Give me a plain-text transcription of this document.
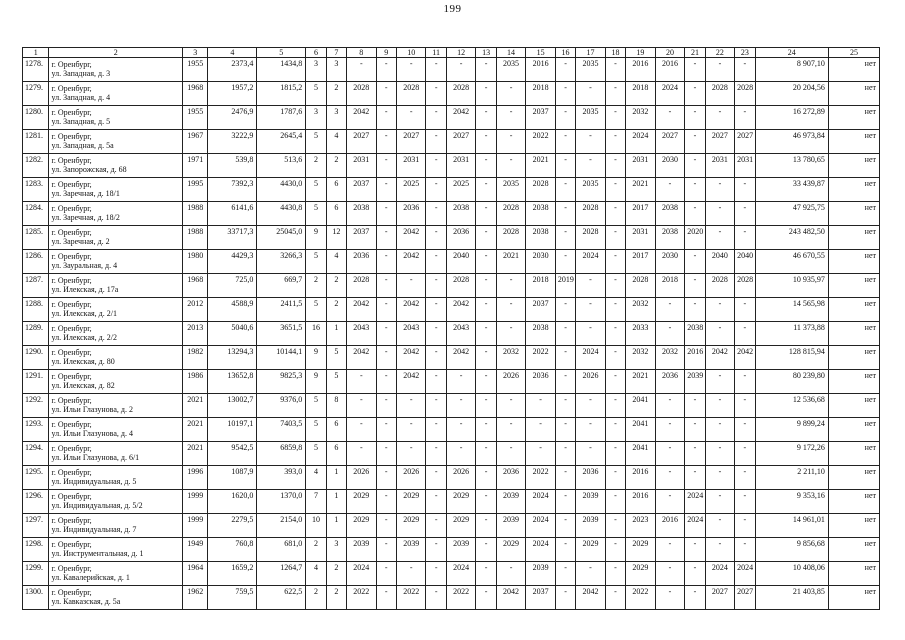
199
1	2	3	4	5	6	7	8	9	10	11	12	13	14	15	16	17	18	19	20	21	22	23	24	25
1278.	г. Оренбург,
ул. Западная, д. 3	1955	2373,4	1434,8	3	3	-	-	-	-	-	-	2035	2016	-	2035	-	2016	2016	-	-	-	8 907,10	нет
1279.	г. Оренбург,
ул. Западная, д. 4	1968	1957,2	1815,2	5	2	2028	-	2028	-	2028	-	-	2018	-	-	-	2018	2024	-	2028	2028	20 204,56	нет
1280.	г. Оренбург,
ул. Западная, д. 5	1955	2476,9	1787,6	3	3	2042	-	-	-	2042	-	-	2037	-	2035	-	2032	-	-	-	-	16 272,89	нет
1281.	г. Оренбург,
ул. Западная, д. 5а	1967	3222,9	2645,4	5	4	2027	-	2027	-	2027	-	-	2022	-	-	-	2024	2027	-	2027	2027	46 973,84	нет
1282.	г. Оренбург,
ул. Запорожская, д. 68	1971	539,8	513,6	2	2	2031	-	2031	-	2031	-	-	2021	-	-	-	2031	2030	-	2031	2031	13 780,65	нет
1283.	г. Оренбург,
ул. Заречная, д. 18/1	1995	7392,3	4430,0	5	6	2037	-	2025	-	2025	-	2035	2028	-	2035	-	2021	-	-	-	-	33 439,87	нет
1284.	г. Оренбург,
ул. Заречная, д. 18/2	1988	6141,6	4430,8	5	6	2038	-	2036	-	2038	-	2028	2038	-	2028	-	2017	2038	-	-	-	47 925,75	нет
1285.	г. Оренбург,
ул. Заречная, д. 2	1988	33717,3	25045,0	9	12	2037	-	2042	-	2036	-	2028	2038	-	2028	-	2031	2038	2020	-	-	243 482,50	нет
1286.	г. Оренбург,
ул. Зауральная, д. 4	1980	4429,3	3266,3	5	4	2036	-	2042	-	2040	-	2021	2030	-	2024	-	2017	2030	-	2040	2040	46 670,55	нет
1287.	г. Оренбург,
ул. Илекская, д. 17а	1968	725,0	669,7	2	2	2028	-	-	-	2028	-	-	2018	2019	-	-	2028	2018	-	2028	2028	10 935,97	нет
1288.	г. Оренбург,
ул. Илекская, д. 2/1	2012	4588,9	2411,5	5	2	2042	-	2042	-	2042	-	-	2037	-	-	-	2032	-	-	-	-	14 565,98	нет
1289.	г. Оренбург,
ул. Илекская, д. 2/2	2013	5040,6	3651,5	16	1	2043	-	2043	-	2043	-	-	2038	-	-	-	2033	-	2038	-	-	11 373,88	нет
1290.	г. Оренбург,
ул. Илекская, д. 80	1982	13294,3	10144,1	9	5	2042	-	2042	-	2042	-	2032	2022	-	2024	-	2032	2032	2016	2042	2042	128 815,94	нет
1291.	г. Оренбург,
ул. Илекская, д. 82	1986	13652,8	9825,3	9	5	-	-	2042	-	-	-	2026	2036	-	2026	-	2021	2036	2039	-	-	80 239,80	нет
1292.	г. Оренбург,
ул. Ильи Глазунова, д. 2	2021	13002,7	9376,0	5	8	-	-	-	-	-	-	-	-	-	-	-	2041	-	-	-	-	12 536,68	нет
1293.	г. Оренбург,
ул. Ильи Глазунова, д. 4	2021	10197,1	7403,5	5	6	-	-	-	-	-	-	-	-	-	-	-	2041	-	-	-	-	9 899,24	нет
1294.	г. Оренбург,
ул. Ильи Глазунова, д. 6/1	2021	9542,5	6859,8	5	6	-	-	-	-	-	-	-	-	-	-	-	2041	-	-	-	-	9 172,26	нет
1295.	г. Оренбург,
ул. Индивидуальная, д. 5	1996	1087,9	393,0	4	1	2026	-	2026	-	2026	-	2036	2022	-	2036	-	2016	-	-	-	-	2 211,10	нет
1296.	г. Оренбург,
ул. Индивидуальная, д. 5/2	1999	1620,0	1370,0	7	1	2029	-	2029	-	2029	-	2039	2024	-	2039	-	2016	-	2024	-	-	9 353,16	нет
1297.	г. Оренбург,
ул. Индивидуальная, д. 7	1999	2279,5	2154,0	10	1	2029	-	2029	-	2029	-	2039	2024	-	2039	-	2023	2016	2024	-	-	14 961,01	нет
1298.	г. Оренбург,
ул. Инструментальная, д. 1	1949	760,8	681,0	2	3	2039	-	2039	-	2039	-	2029	2024	-	2029	-	2029	-	-	-	-	9 856,68	нет
1299.	г. Оренбург,
ул. Кавалерийская, д. 1	1964	1659,2	1264,7	4	2	2024	-	-	-	2024	-	-	2039	-	-	-	2029	-	-	2024	2024	10 408,06	нет
1300.	г. Оренбург,
ул. Кавказская, д. 5а	1962	759,5	622,5	2	2	2022	-	2022	-	2022	-	2042	2037	-	2042	-	2022	-	-	2027	2027	21 403,85	нет
